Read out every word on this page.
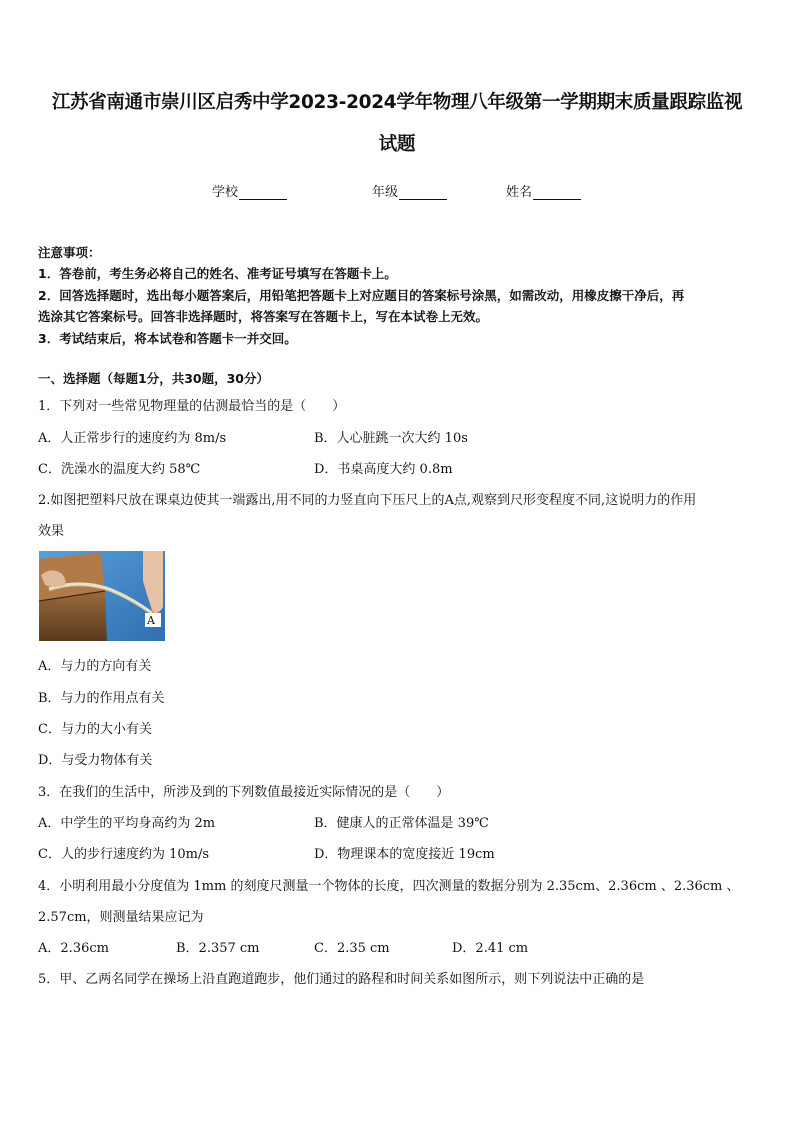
江苏省南通市崇川区启秀中学2023-2024学年物理八年级第一学期期末质量跟踪监视
试题
学校	年级	姓名
注意事项：
1．答卷前，考生务必将自己的姓名、准考证号填写在答题卡上。
2．回答选择题时，选出每小题答案后，用铅笔把答题卡上对应题目的答案标号涂黑，如需改动，用橡皮擦干净后，再
选涂其它答案标号。回答非选择题时，将答案写在答题卡上，写在本试卷上无效。
3．考试结束后，将本试卷和答题卡一并交回。
一、选择题（每题1分，共30题，30分）
1．下列对一些常见物理量的估测最恰当的是（　　）
A．人正常步行的速度约为 8m/s	B．人心脏跳一次大约 10s
C．洗澡水的温度大约 58℃	D．书桌高度大约 0.8m
2.如图把塑料尺放在课桌边使其一端露出,用不同的力竖直向下压尺上的A点,观察到尺形变程度不同,这说明力的作用
效果
A
A．与力的方向有关
B．与力的作用点有关
C．与力的大小有关
D．与受力物体有关
3．在我们的生活中，所涉及到的下列数值最接近实际情况的是（　　）
A．中学生的平均身高约为 2m	B．健康人的正常体温是 39℃
C．人的步行速度约为 10m/s	D．物理课本的宽度接近 19cm
4．小明利用最小分度值为 1mm 的刻度尺测量一个物体的长度，四次测量的数据分别为 2.35cm、2.36cm 、2.36cm 、
2.57cm，则测量结果应记为
A．2.36cm	B．2.357 cm	C．2.35 cm	D．2.41 cm
5．甲、乙两名同学在操场上沿直跑道跑步，他们通过的路程和时间关系如图所示，则下列说法中正确的是
